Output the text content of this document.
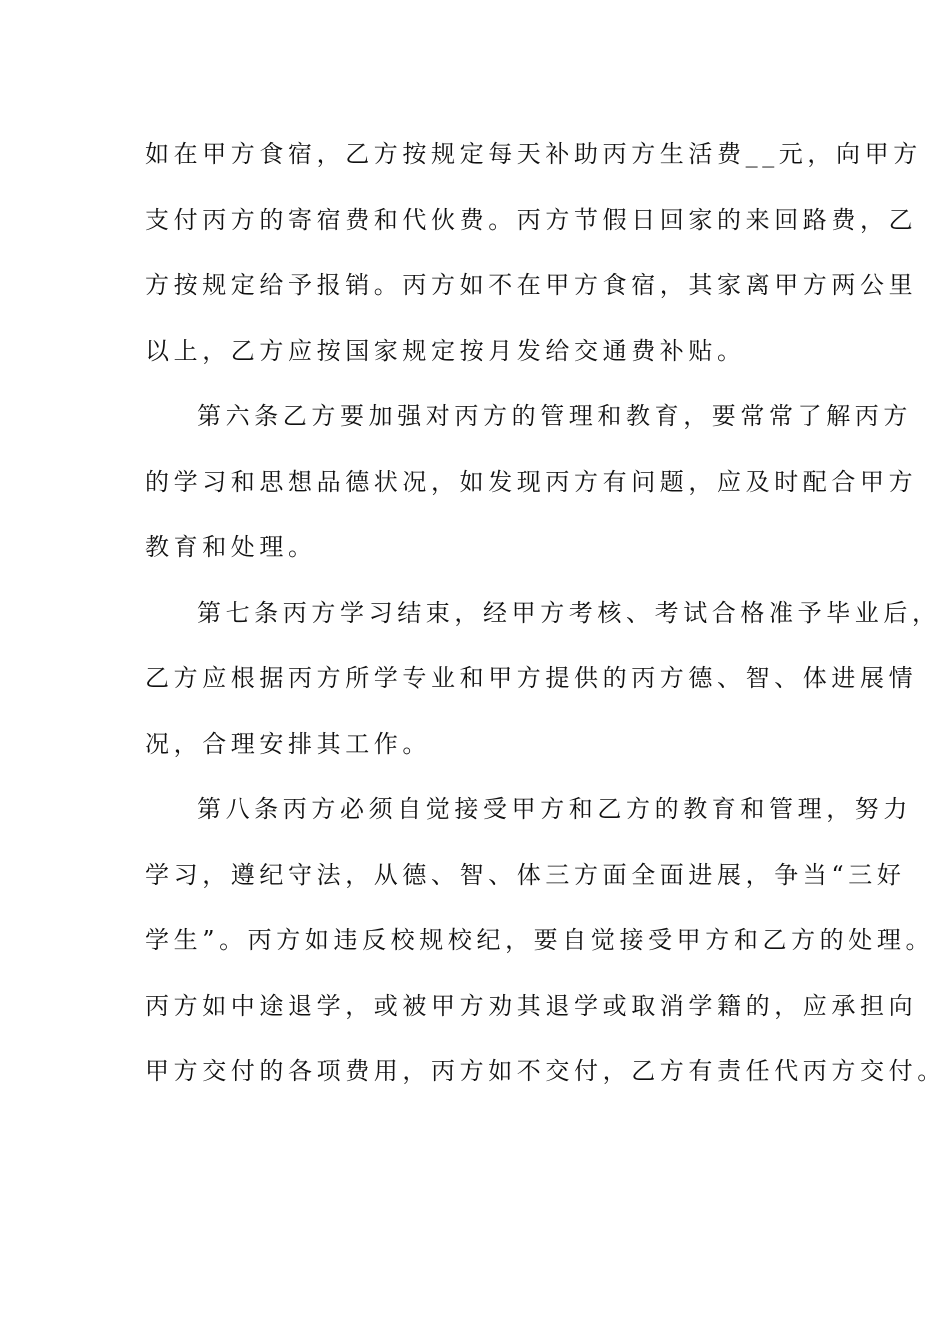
如在甲方食宿，乙方按规定每天补助丙方生活费__元，向甲方
支付丙方的寄宿费和代伙费。丙方节假日回家的来回路费，乙
方按规定给予报销。丙方如不在甲方食宿，其家离甲方两公里
以上，乙方应按国家规定按月发给交通费补贴。
第六条乙方要加强对丙方的管理和教育，要常常了解丙方
的学习和思想品德状况，如发现丙方有问题，应及时配合甲方
教育和处理。
第七条丙方学习结束，经甲方考核、考试合格准予毕业后，
乙方应根据丙方所学专业和甲方提供的丙方德、智、体进展情
况，合理安排其工作。
第八条丙方必须自觉接受甲方和乙方的教育和管理，努力
学习，遵纪守法，从德、智、体三方面全面进展，争当“三好
学生”。丙方如违反校规校纪，要自觉接受甲方和乙方的处理。
丙方如中途退学，或被甲方劝其退学或取消学籍的，应承担向
甲方交付的各项费用，丙方如不交付，乙方有责任代丙方交付。
